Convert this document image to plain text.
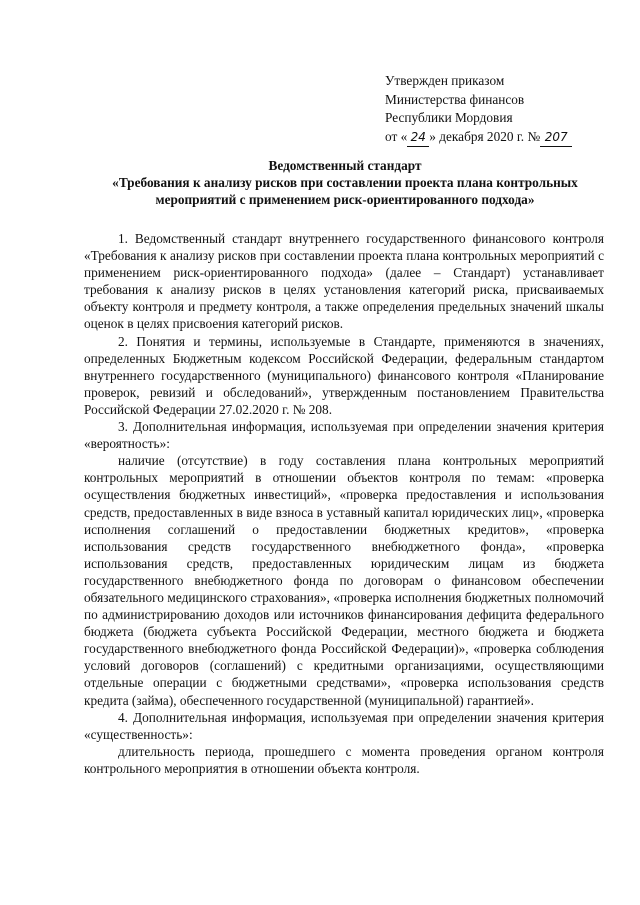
Утвержден приказом
Министерства финансов
Республики Мордовия
от « 24 » декабря 2020 г. № 207
Ведомственный стандарт
«Требования к анализу рисков при составлении проекта плана контрольных мероприятий с применением риск-ориентированного подхода»

1. Ведомственный стандарт внутреннего государственного финансового контроля «Требования к анализу рисков при составлении проекта плана контрольных мероприятий с применением риск-ориентированного подхода» (далее – Стандарт) устанавливает требования к анализу рисков в целях установления категорий риска, присваиваемых объекту контроля и предмету контроля, а также определения предельных значений шкалы оценок в целях присвоения категорий рисков.

2. Понятия и термины, используемые в Стандарте, применяются в значениях, определенных Бюджетным кодексом Российской Федерации, федеральным стандартом внутреннего государственного (муниципального) финансового контроля «Планирование проверок, ревизий и обследований», утвержденным постановлением Правительства Российской Федерации 27.02.2020 г. № 208.

3. Дополнительная информация, используемая при определении значения критерия «вероятность»:

наличие (отсутствие) в году составления плана контрольных мероприятий контрольных мероприятий в отношении объектов контроля по темам: «проверка осуществления бюджетных инвестиций», «проверка предоставления и использования средств, предоставленных в виде взноса в уставный капитал юридических лиц», «проверка исполнения соглашений о предоставлении бюджетных кредитов», «проверка использования средств государственного внебюджетного фонда», «проверка использования средств, предоставленных юридическим лицам из бюджета государственного внебюджетного фонда по договорам о финансовом обеспечении обязательного медицинского страхования», «проверка исполнения бюджетных полномочий по администрированию доходов или источников финансирования дефицита федерального бюджета (бюджета субъекта Российской Федерации, местного бюджета и бюджета государственного внебюджетного фонда Российской Федерации)», «проверка соблюдения условий договоров (соглашений) с кредитными организациями, осуществляющими отдельные операции с бюджетными средствами», «проверка использования средств кредита (займа), обеспеченного государственной (муниципальной) гарантией».

4. Дополнительная информация, используемая при определении значения критерия «существенность»:

длительность периода, прошедшего с момента проведения органом контроля контрольного мероприятия в отношении объекта контроля.
